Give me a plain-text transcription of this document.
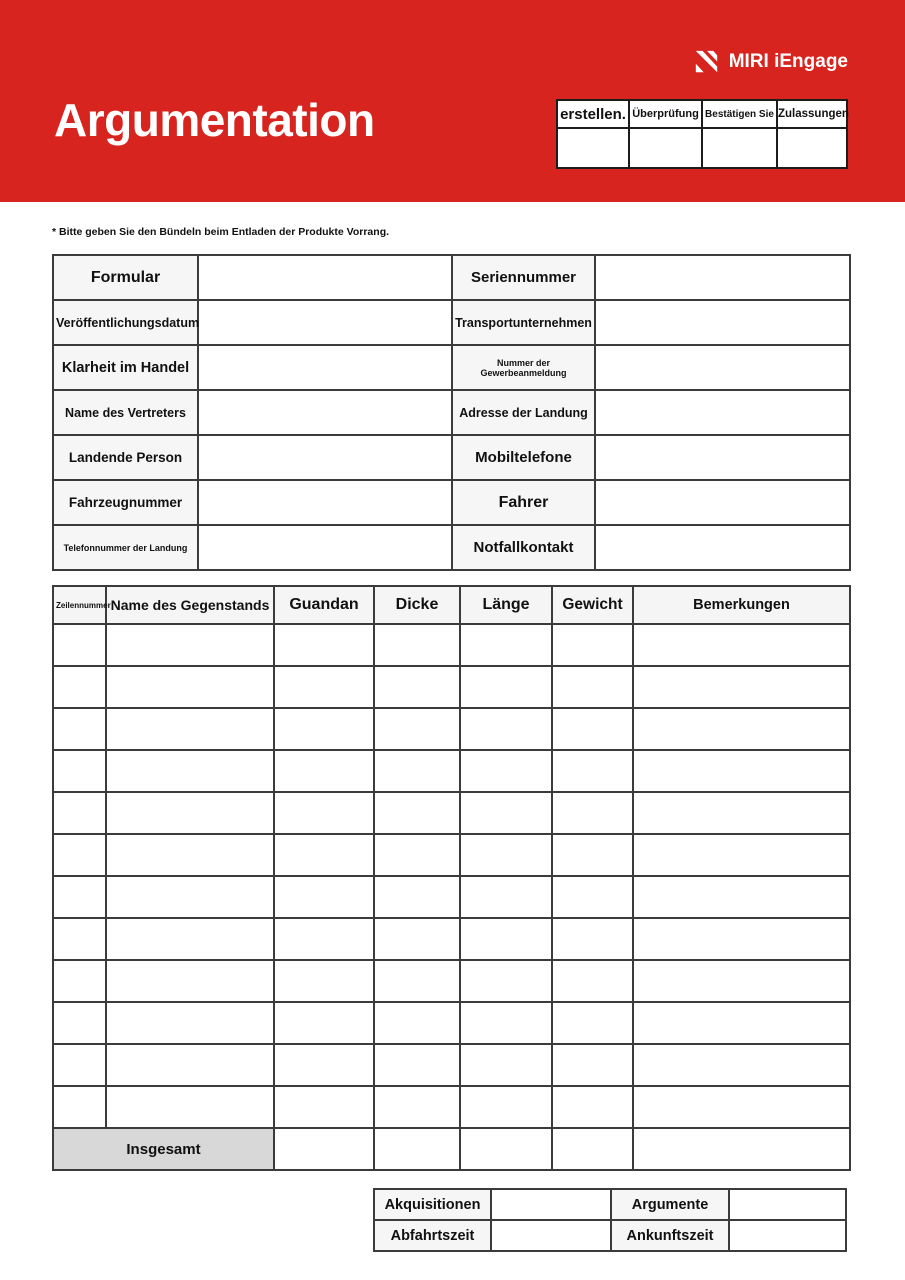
Argumentation
MIRI iEngage
erstellen.	Überprüfung	Bestätigen Sie	Zulassungen

* Bitte geben Sie den Bündeln beim Entladen der Produkte Vorrang.
Formular		Seriennummer	
Veröffentlichungsdatum		Transportunternehmen	
Klarheit im Handel		Nummer der Gewerbeanmeldung	
Name des Vertreters		Adresse der Landung	
Landende Person		Mobiltelefone	
Fahrzeugnummer		Fahrer	
Telefonnummer der Landung		Notfallkontakt	
Zeilennummer	Name des Gegenstands	Guandan	Dicke	Länge	Gewicht	Bemerkungen

Insgesamt						
Akquisitionen		Argumente	
Abfahrtszeit		Ankunftszeit	
